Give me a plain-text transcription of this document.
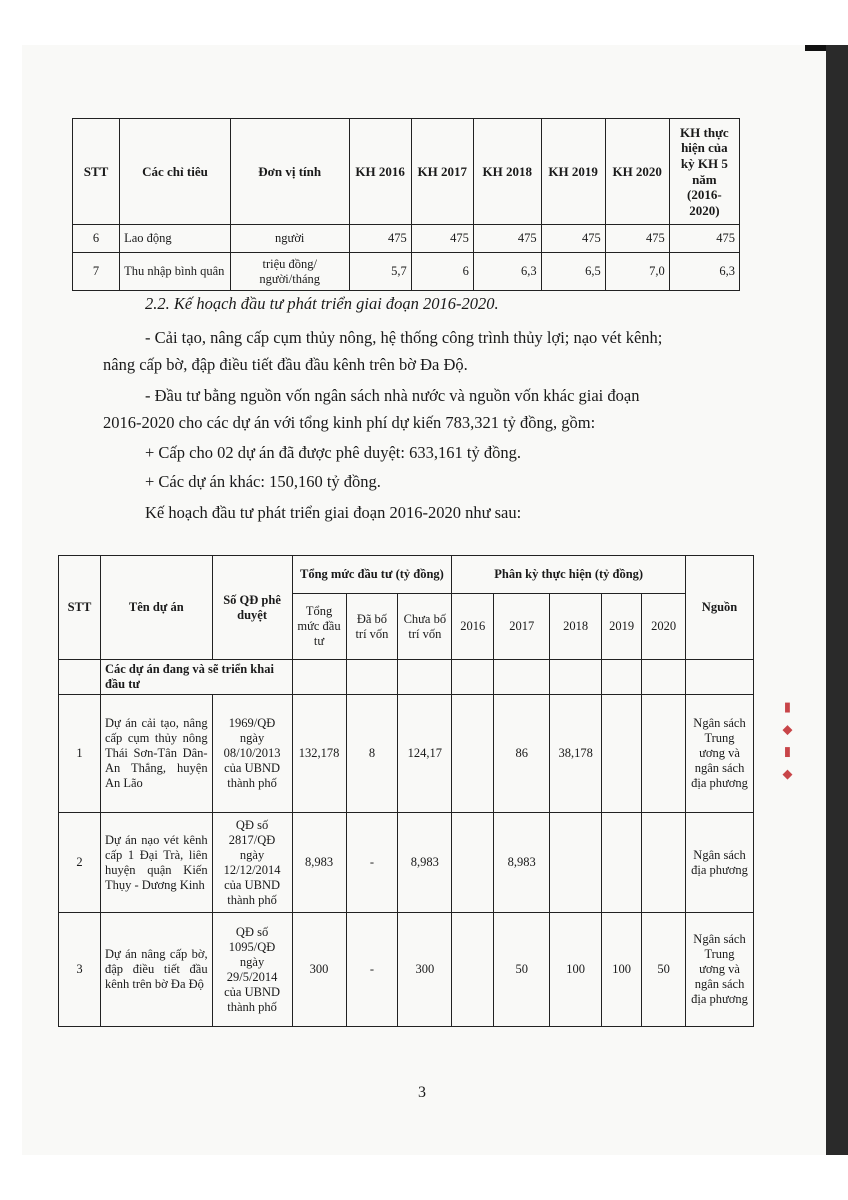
STT	Các chỉ tiêu	Đơn vị tính	KH 2016	KH 2017	KH 2018	KH 2019	KH 2020	KH thực hiện của kỳ KH 5 năm (2016-2020)
6	Lao động	người	475	475	475	475	475	475
7	Thu nhập bình quân	triệu đồng/ người/tháng	5,7	6	6,3	6,5	7,0	6,3
2.2. Kế hoạch đầu tư phát triển giai đoạn 2016-2020.
- Cải tạo, nâng cấp cụm thủy nông, hệ thống công trình thủy lợi; nạo vét kênh;
nâng cấp bờ, đập điều tiết đầu đầu kênh trên bờ Đa Độ.
- Đầu tư bằng nguồn vốn ngân sách nhà nước và nguồn vốn khác giai đoạn
2016-2020 cho các dự án với tổng kinh phí dự kiến 783,321 tỷ đồng, gồm:
+ Cấp cho 02 dự án đã được phê duyệt: 633,161 tỷ đồng.
+ Các dự án khác: 150,160 tỷ đồng.
Kế hoạch đầu tư phát triển giai đoạn 2016-2020 như sau:
STT	Tên dự án	Số QĐ phê duyệt	Tổng mức đầu tư (tỷ đồng)			Phân kỳ thực hiện (tỷ đồng)					Nguồn
			Tổng mức đầu tư	Đã bố trí vốn	Chưa bố trí vốn	2016	2017	2018	2019	2020	
	Các dự án đang và sẽ triển khai đầu tư										
1	Dự án cải tạo, nâng cấp cụm thủy nông Thái Sơn-Tân Dân-An Thắng, huyện An Lão	1969/QĐ ngày 08/10/2013 của UBND thành phố	132,178	8	124,17		86	38,178			Ngân sách Trung ương và ngân sách địa phương
2	Dự án nạo vét kênh cấp 1 Đại Trà, liên huyện quận Kiến Thụy - Dương Kinh	QĐ số 2817/QĐ ngày 12/12/2014 của UBND thành phố	8,983	-	8,983		8,983				Ngân sách địa phương
3	Dự án nâng cấp bờ, đập điều tiết đầu kênh trên bờ Đa Độ	QĐ số 1095/QĐ ngày 29/5/2014 của UBND thành phố	300	-	300		50	100	100	50	Ngân sách Trung ương và ngân sách địa phương
▮ ◆ ▮ ◆
3
